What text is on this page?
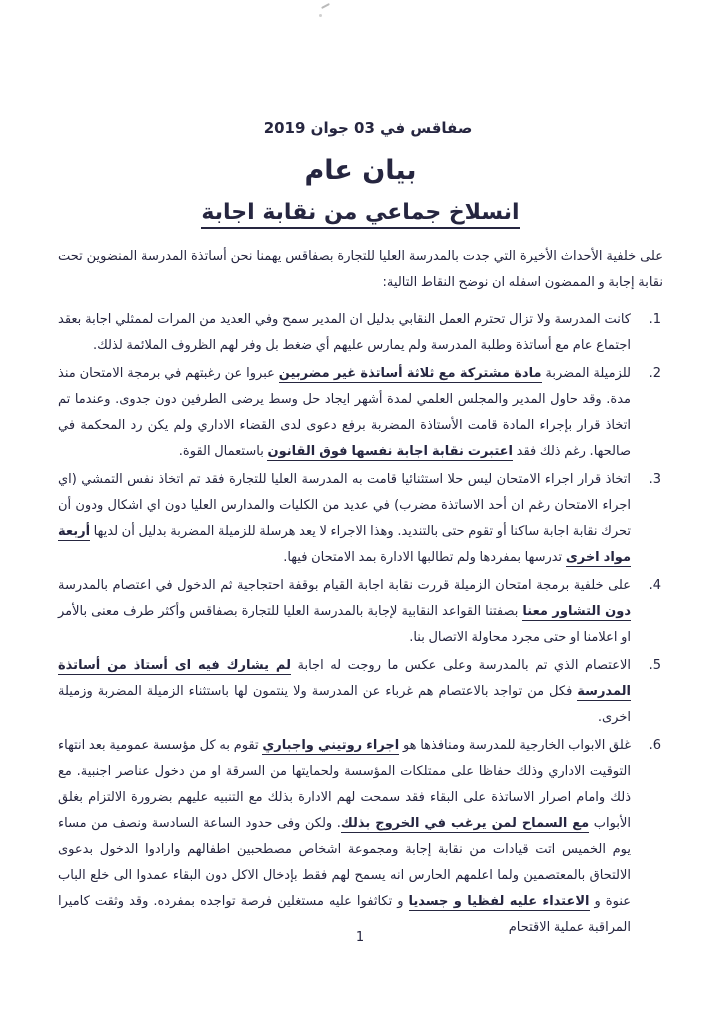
صفاقس في 03 جوان 2019
بيان عام
انسلاخ جماعي من نقابة اجابة

على خلفية الأحداث الأخيرة التي جدت بالمدرسة العليا للتجارة بصفاقس يهمنا نحن أساتذة المدرسة المنضوين تحت نقابة إجابة و الممضون اسفله ان نوضح النقاط التالية:

1.
كانت المدرسة ولا تزال تحترم العمل النقابي بدليل ان المدير سمح وفي العديد من المرات لممثلي اجابة بعقد اجتماع عام مع أساتذة وطلبة المدرسة ولم يمارس عليهم أي ضغط بل وفر لهم الظروف الملائمة لذلك.
2.
للزميلة المضربة مادة مشتركة مع ثلاثة أساتذة غير مضربين عبروا عن رغبتهم في برمجة الامتحان منذ مدة. وقد حاول المدير والمجلس العلمي لمدة أشهر ايجاد حل وسط يرضى الطرفين دون جدوى. وعندما تم اتخاذ قرار بإجراء المادة قامت الأستاذة المضربة برفع دعوى لدى القضاء الاداري ولم يكن رد المحكمة في صالحها. رغم ذلك فقد اعتبرت نقابة اجابة نفسها فوق القانون باستعمال القوة.
3.
اتخاذ قرار اجراء الامتحان ليس حلا استثنائيا قامت به المدرسة العليا للتجارة فقد تم اتخاذ نفس التمشي (اي اجراء الامتحان رغم ان أحد الاساتذة مضرب) في عديد من الكليات والمدارس العليا دون اي اشكال ودون أن تحرك نقابة اجابة ساكنا أو تقوم حتى بالتنديد. وهذا الاجراء لا يعد هرسلة للزميلة المضربة بدليل أن لديها أربعة مواد اخرى تدرسها بمفردها ولم تطالبها الادارة بمد الامتحان فيها.
4.
على خلفية برمجة امتحان الزميلة قررت نقابة اجابة القيام بوقفة احتجاجية ثم الدخول في اعتصام بالمدرسة دون التشاور معنا بصفتنا القواعد النقابية لإجابة بالمدرسة العليا للتجارة بصفاقس وأكثر طرف معنى بالأمر او اعلامنا او حتى مجرد محاولة الاتصال بنا.
5.
الاعتصام الذي تم بالمدرسة وعلى عكس ما روجت له اجابة لم يشارك فيه اى أستاذ من أساتذة المدرسة فكل من تواجد بالاعتصام هم غرباء عن المدرسة ولا ينتمون لها باستثناء الزميلة المضربة وزميلة اخرى.
6.
غلق الابواب الخارجية للمدرسة ومنافذها هو اجراء روتيني واجباري تقوم به كل مؤسسة عمومية بعد انتهاء التوقيت الاداري وذلك حفاظا على ممتلكات المؤسسة ولحمايتها من السرقة او من دخول عناصر اجنبية. مع ذلك وامام اصرار الاساتذة على البقاء فقد سمحت لهم الادارة بذلك مع التنبيه عليهم بضرورة الالتزام بغلق الأبواب مع السماح لمن يرغب في الخروج بذلك. ولكن وفى حدود الساعة السادسة ونصف من مساء يوم الخميس اتت قيادات من نقابة إجابة ومجموعة اشخاص مصطحبين اطفالهم وارادوا الدخول بدعوى الالتحاق بالمعتصمين ولما اعلمهم الحارس انه يسمح لهم فقط بإدخال الاكل دون البقاء عمدوا الى خلع الباب عنوة و الاعتداء عليه لفظيا و جسديا و تكاثفوا عليه مستغلين فرصة تواجده بمفرده. وقد وثقت كاميرا المراقبة عملية الاقتحام
1
